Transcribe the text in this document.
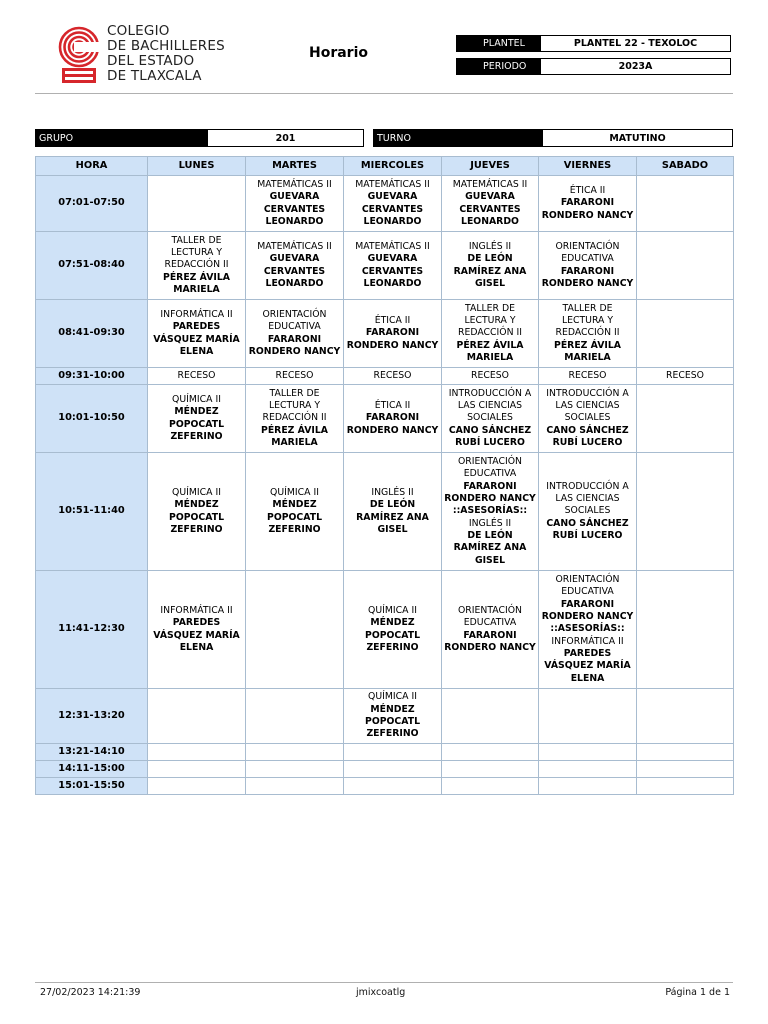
COLEGIO
DE BACHILLERES
DEL ESTADO
DE TLAXCALA
Horario
PLANTEL	PLANTEL 22 - TEXOLOC
PERIODO	2023A
GRUPO	201	TURNO	MATUTINO
HORA	LUNES	MARTES	MIERCOLES	JUEVES	VIERNES	SABADO
07:01-07:50		MATEMÁTICAS II
GUEVARA CERVANTES LEONARDO	MATEMÁTICAS II
GUEVARA CERVANTES LEONARDO	MATEMÁTICAS II
GUEVARA CERVANTES LEONARDO	ÉTICA II
FARARONI RONDERO NANCY	

07:51-08:40	TALLER DE LECTURA Y REDACCIÓN II
PÉREZ ÁVILA MARIELA	MATEMÁTICAS II
GUEVARA CERVANTES LEONARDO	MATEMÁTICAS II
GUEVARA CERVANTES LEONARDO	INGLÉS II
DE LEÓN RAMÍREZ ANA GISEL	ORIENTACIÓN EDUCATIVA
FARARONI RONDERO NANCY	

08:41-09:30	INFORMÁTICA II
PAREDES VÁSQUEZ MARÍA ELENA	ORIENTACIÓN EDUCATIVA
FARARONI RONDERO NANCY	ÉTICA II
FARARONI RONDERO NANCY	TALLER DE LECTURA Y REDACCIÓN II
PÉREZ ÁVILA MARIELA	TALLER DE LECTURA Y REDACCIÓN II
PÉREZ ÁVILA MARIELA	

09:31-10:00	RECESO	RECESO	RECESO	RECESO	RECESO	RECESO

10:01-10:50	QUÍMICA II
MÉNDEZ POPOCATL ZEFERINO	TALLER DE LECTURA Y REDACCIÓN II
PÉREZ ÁVILA MARIELA	ÉTICA II
FARARONI RONDERO NANCY	INTRODUCCIÓN A LAS CIENCIAS SOCIALES
CANO SÁNCHEZ RUBÍ LUCERO	INTRODUCCIÓN A LAS CIENCIAS SOCIALES
CANO SÁNCHEZ RUBÍ LUCERO	

10:51-11:40	QUÍMICA II
MÉNDEZ POPOCATL ZEFERINO	QUÍMICA II
MÉNDEZ POPOCATL ZEFERINO	INGLÉS II
DE LEÓN RAMÍREZ ANA GISEL	ORIENTACIÓN EDUCATIVA
FARARONI RONDERO NANCY ::ASESORÍAS::
INGLÉS II
DE LEÓN RAMÍREZ ANA GISEL	INTRODUCCIÓN A LAS CIENCIAS SOCIALES
CANO SÁNCHEZ RUBÍ LUCERO	

11:41-12:30	INFORMÁTICA II
PAREDES VÁSQUEZ MARÍA ELENA		QUÍMICA II
MÉNDEZ POPOCATL ZEFERINO	ORIENTACIÓN EDUCATIVA
FARARONI RONDERO NANCY	ORIENTACIÓN EDUCATIVA
FARARONI RONDERO NANCY ::ASESORÍAS::
INFORMÁTICA II
PAREDES VÁSQUEZ MARÍA ELENA	

12:31-13:20			QUÍMICA II
MÉNDEZ POPOCATL ZEFERINO			

13:21-14:10						
14:11-15:00						
15:01-15:50						
27/02/2023 14:21:39	jmixcoatlg	Página 1 de 1
